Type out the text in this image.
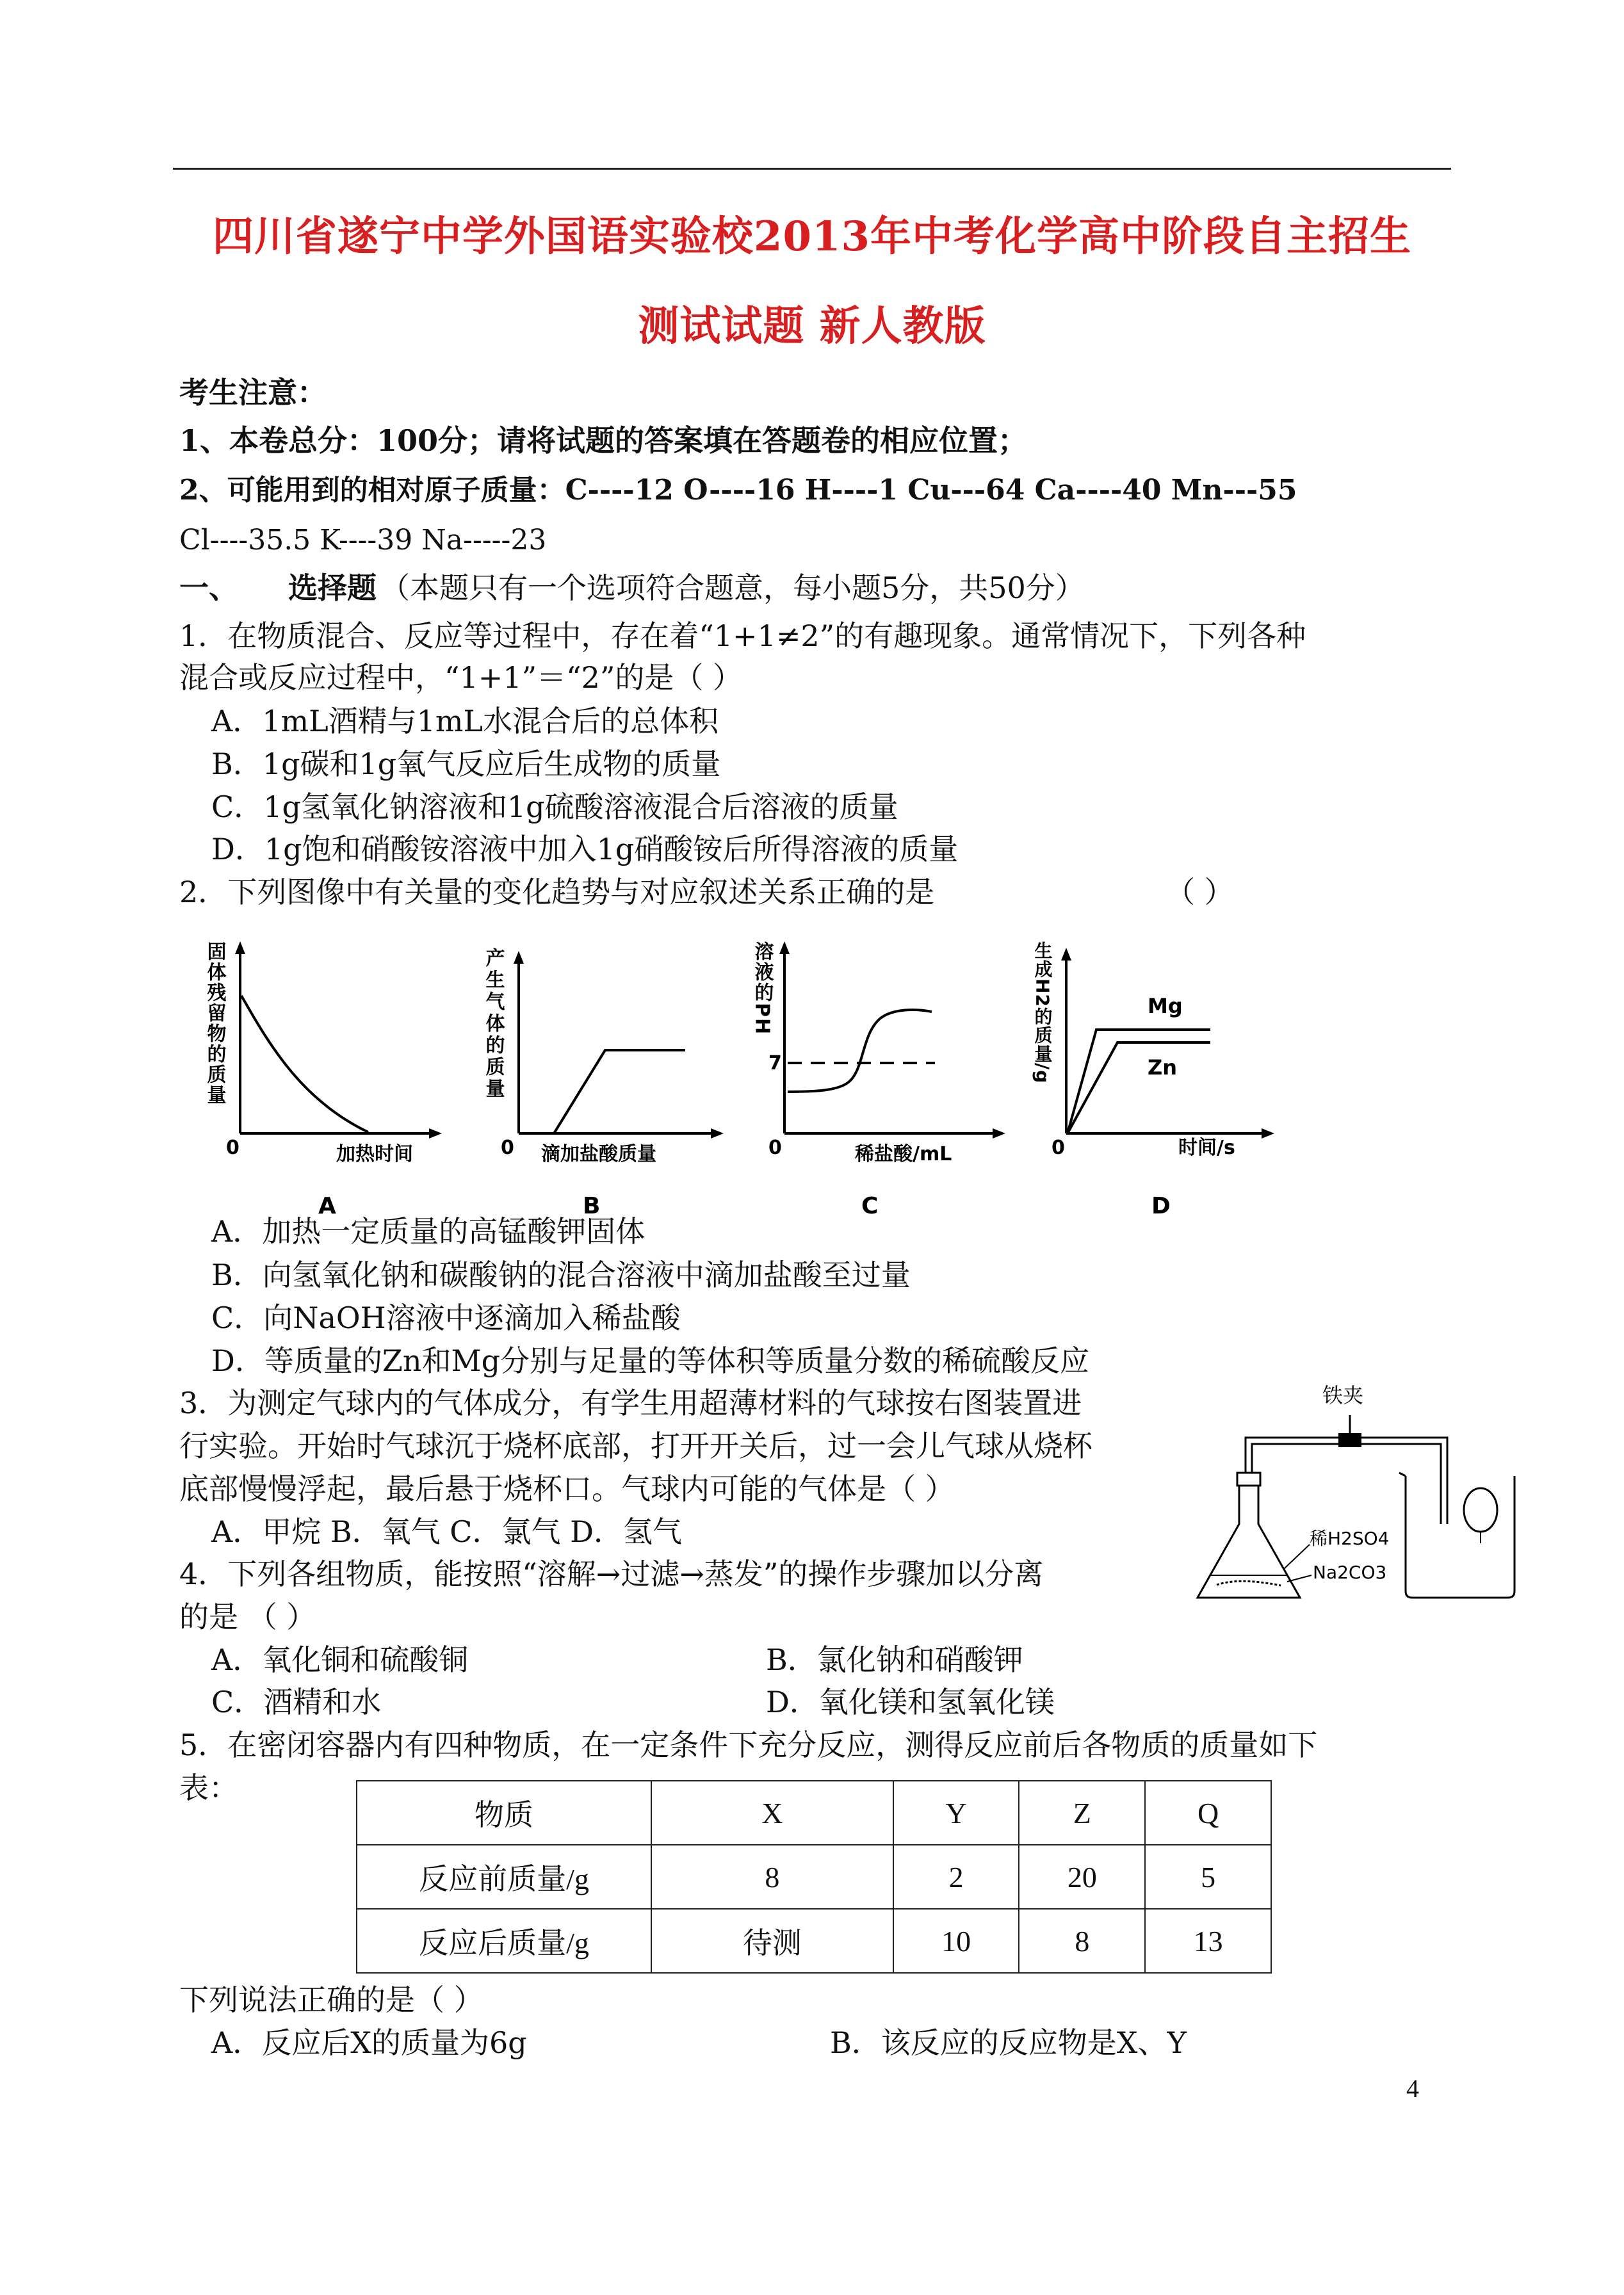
四川省遂宁中学外国语实验校2013年中考化学高中阶段自主招生
测试试题 新人教版
考生注意：
1、本卷总分：100分；请将试题的答案填在答题卷的相应位置；
2、可能用到的相对原子质量：C----12 O----16 H----1 Cu---64 Ca----40 Mn---55
Cl----35.5 K----39 Na-----23
一、 选择题 （本题只有一个选项符合题意，每小题5分，共50分）
1．在物质混合、反应等过程中，存在着“1+1≠2”的有趣现象。通常情况下，下列各种
混合或反应过程中，“1+1”＝“2”的是（ ）
A．1mL酒精与1mL水混合后的总体积
B．1g碳和1g氧气反应后生成物的质量
C．1g氢氧化钠溶液和1g硫酸溶液混合后溶液的质量
D．1g饱和硝酸铵溶液中加入1g硝酸铵后所得溶液的质量
2．下列图像中有关量的变化趋势与对应叙述关系正确的是	（ ）
0	加热时间
固体残留物的质量
A
0 滴加盐酸质量
产生气体的质量
B
7
0	稀盐酸/mL
溶液的PH
C
Mg
Zn
0	时间/s
生成H2的质量/g
D
A．加热一定质量的高锰酸钾固体
B．向氢氧化钠和碳酸钠的混合溶液中滴加盐酸至过量
C．向NaOH溶液中逐滴加入稀盐酸
D．等质量的Zn和Mg分别与足量的等体积等质量分数的稀硫酸反应
3．为测定气球内的气体成分，有学生用超薄材料的气球按右图装置进
行实验。开始时气球沉于烧杯底部，打开开关后，过一会儿气球从烧杯
底部慢慢浮起，最后悬于烧杯口。气球内可能的气体是（ ）
A．甲烷 B．氧气 C．氯气 D．氢气
铁夹
稀H2SO4
Na2CO3
4．下列各组物质，能按照“溶解→过滤→蒸发”的操作步骤加以分离
的是 （ ）
A．氧化铜和硫酸铜	B．氯化钠和硝酸钾
C．酒精和水	D．氧化镁和氢氧化镁
5．在密闭容器内有四种物质，在一定条件下充分反应，测得反应前后各物质的质量如下
表：
物质	X	Y	Z	Q
反应前质量/g	8	2	20	5
反应后质量/g	待测	10	8	13
下列说法正确的是（ ）
A．反应后X的质量为6g	B．该反应的反应物是X、Y
4
